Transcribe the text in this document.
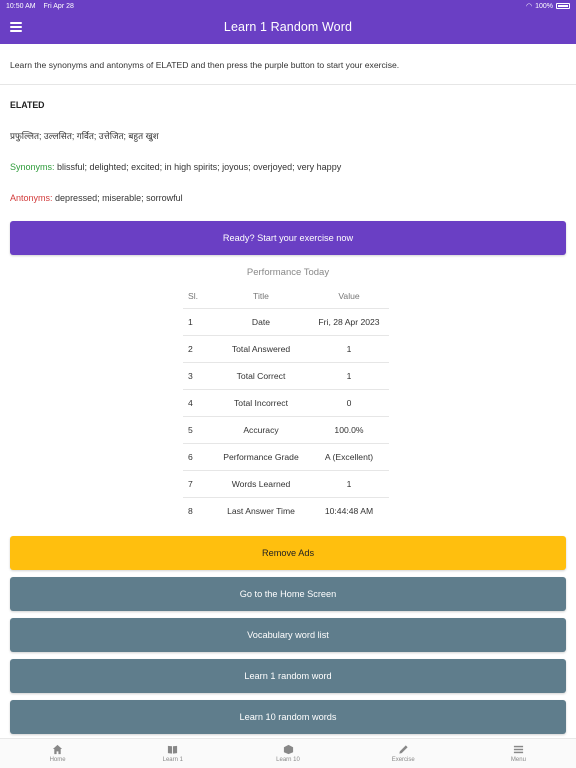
10:50 AM Fri Apr 28	◠ 100%
Learn 1 Random Word
Learn the synonyms and antonyms of ELATED and then press the purple button to start your exercise.
ELATED
प्रफुल्लित; उल्लसित; गर्वित; उत्तेजित; बहुत खुश
Synonyms: blissful; delighted; excited; in high spirits; joyous; overjoyed; very happy
Antonyms: depressed; miserable; sorrowful
Ready? Start your exercise now
Performance Today
Sl.	Title	Value
1	Date	Fri, 28 Apr 2023
2	Total Answered	1
3	Total Correct	1
4	Total Incorrect	0
5	Accuracy	100.0%
6	Performance Grade	A (Excellent)
7	Words Learned	1
8	Last Answer Time	10:44:48 AM
Remove Ads
Go to the Home Screen
Vocabulary word list
Learn 1 random word
Learn 10 random words
Home	Learn 1	Learn 10	Exercise	Menu
